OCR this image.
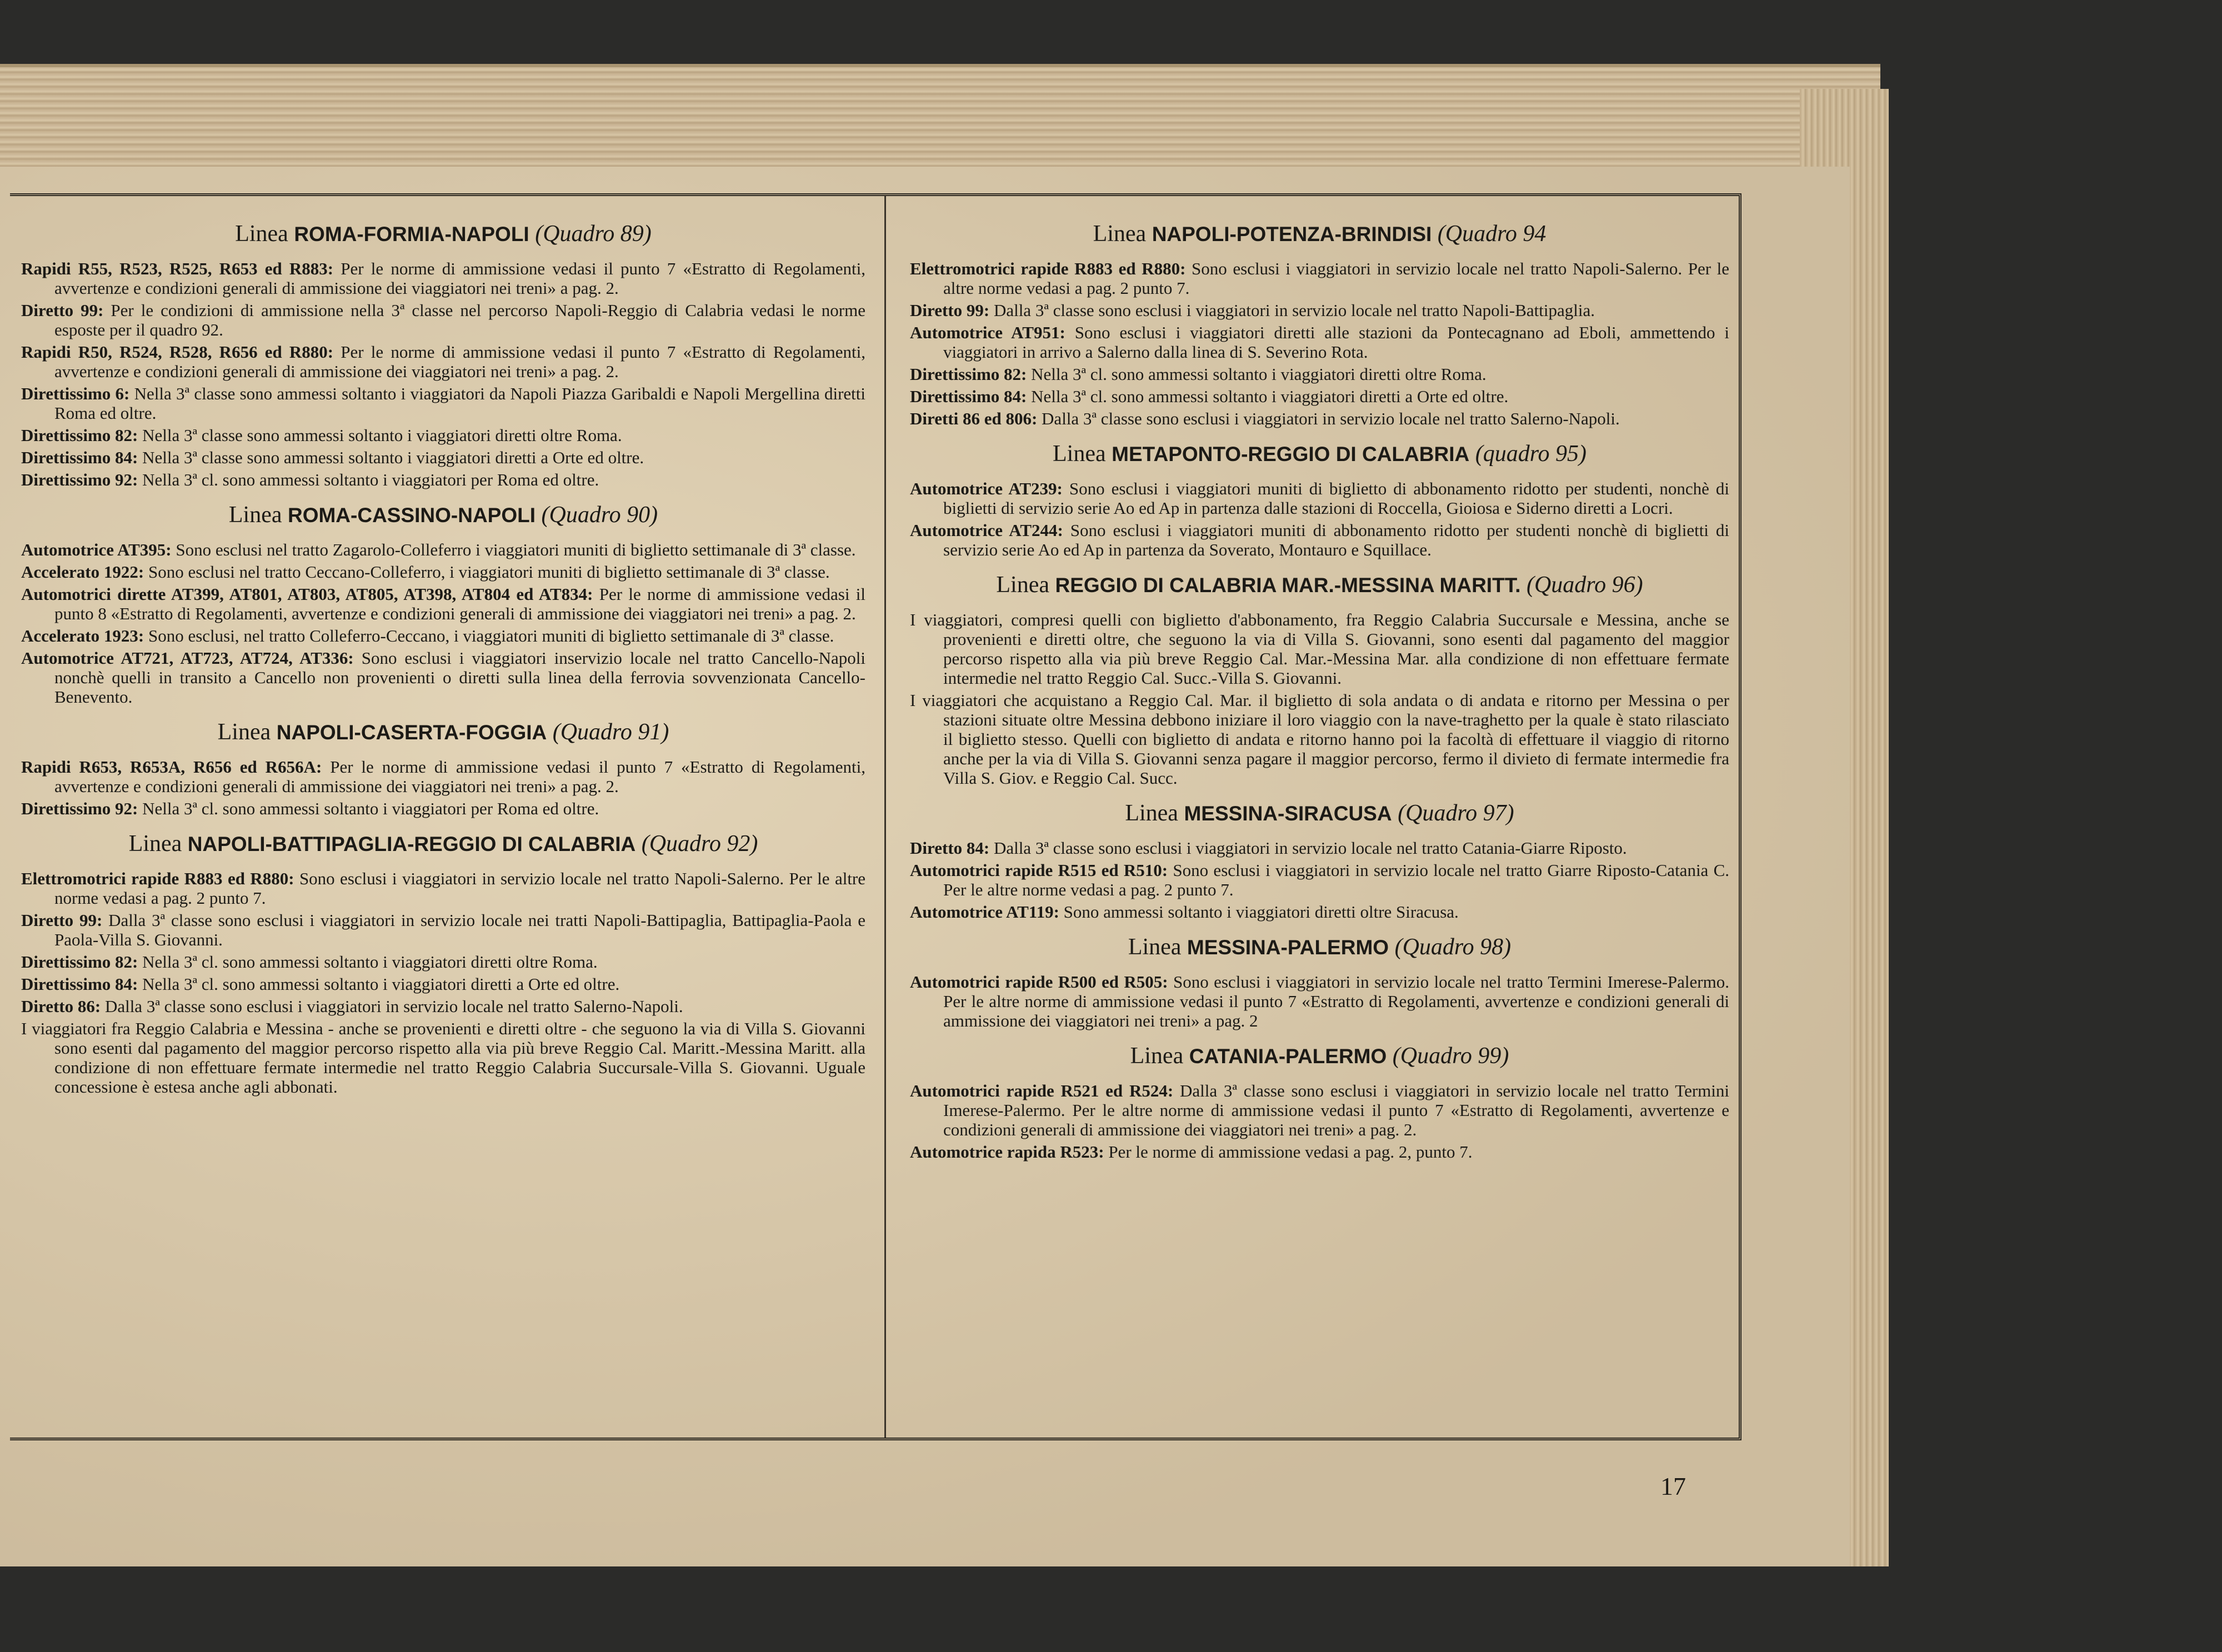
Linea ROMA-FORMIA-NAPOLI (Quadro 89)

Rapidi R55, R523, R525, R653 ed R883: Per le norme di ammissione vedasi il punto 7 «Estratto di Regolamenti, avvertenze e condizioni generali di ammissione dei viaggiatori nei treni» a pag. 2.

Diretto 99: Per le condizioni di ammissione nella 3ª classe nel percorso Napoli-Reggio di Calabria vedasi le norme esposte per il quadro 92.

Rapidi R50, R524, R528, R656 ed R880: Per le norme di ammissione vedasi il punto 7 «Estratto di Regolamenti, avvertenze e condizioni generali di ammissione dei viaggiatori nei treni» a pag. 2.

Direttissimo 6: Nella 3ª classe sono ammessi soltanto i viaggiatori da Napoli Piazza Garibaldi e Napoli Mergellina diretti Roma ed oltre.

Direttissimo 82: Nella 3ª classe sono ammessi soltanto i viaggiatori diretti oltre Roma.

Direttissimo 84: Nella 3ª classe sono ammessi soltanto i viaggiatori diretti a Orte ed oltre.

Direttissimo 92: Nella 3ª cl. sono ammessi soltanto i viaggiatori per Roma ed oltre.

Linea ROMA-CASSINO-NAPOLI (Quadro 90)

Automotrice AT395: Sono esclusi nel tratto Zagarolo-Colleferro i viaggiatori muniti di biglietto settimanale di 3ª classe.

Accelerato 1922: Sono esclusi nel tratto Ceccano-Colleferro, i viaggiatori muniti di biglietto settimanale di 3ª classe.

Automotrici dirette AT399, AT801, AT803, AT805, AT398, AT804 ed AT834: Per le norme di ammissione vedasi il punto 8 «Estratto di Regolamenti, avvertenze e condizioni generali di ammissione dei viaggiatori nei treni» a pag. 2.

Accelerato 1923: Sono esclusi, nel tratto Colleferro-Ceccano, i viaggiatori muniti di biglietto settimanale di 3ª classe.

Automotrice AT721, AT723, AT724, AT336: Sono esclusi i viaggiatori inservizio locale nel tratto Cancello-Napoli nonchè quelli in transito a Cancello non provenienti o diretti sulla linea della ferrovia sovvenzionata Cancello-Benevento.

Linea NAPOLI-CASERTA-FOGGIA (Quadro 91)

Rapidi R653, R653A, R656 ed R656A: Per le norme di ammissione vedasi il punto 7 «Estratto di Regolamenti, avvertenze e condizioni generali di ammissione dei viaggiatori nei treni» a pag. 2.

Direttissimo 92: Nella 3ª cl. sono ammessi soltanto i viaggiatori per Roma ed oltre.

Linea NAPOLI-BATTIPAGLIA-REGGIO DI CALABRIA (Quadro 92)

Elettromotrici rapide R883 ed R880: Sono esclusi i viaggiatori in servizio locale nel tratto Napoli-Salerno. Per le altre norme vedasi a pag. 2 punto 7.

Diretto 99: Dalla 3ª classe sono esclusi i viaggiatori in servizio locale nei tratti Napoli-Battipaglia, Battipaglia-Paola e Paola-Villa S. Giovanni.

Direttissimo 82: Nella 3ª cl. sono ammessi soltanto i viaggiatori diretti oltre Roma.

Direttissimo 84: Nella 3ª cl. sono ammessi soltanto i viaggiatori diretti a Orte ed oltre.

Diretto 86: Dalla 3ª classe sono esclusi i viaggiatori in servizio locale nel tratto Salerno-Napoli.

I viaggiatori fra Reggio Calabria e Messina - anche se provenienti e diretti oltre - che seguono la via di Villa S. Giovanni sono esenti dal pagamento del maggior percorso rispetto alla via più breve Reggio Cal. Maritt.-Messina Maritt. alla condizione di non effettuare fermate intermedie nel tratto Reggio Calabria Succursale-Villa S. Giovanni. Uguale concessione è estesa anche agli abbonati.

Linea NAPOLI-POTENZA-BRINDISI (Quadro 94

Elettromotrici rapide R883 ed R880: Sono esclusi i viaggiatori in servizio locale nel tratto Napoli-Salerno. Per le altre norme vedasi a pag. 2 punto 7.

Diretto 99: Dalla 3ª classe sono esclusi i viaggiatori in servizio locale nel tratto Napoli-Battipaglia.

Automotrice AT951: Sono esclusi i viaggiatori diretti alle stazioni da Pontecagnano ad Eboli, ammettendo i viaggiatori in arrivo a Salerno dalla linea di S. Severino Rota.

Direttissimo 82: Nella 3ª cl. sono ammessi soltanto i viaggiatori diretti oltre Roma.

Direttissimo 84: Nella 3ª cl. sono ammessi soltanto i viaggiatori diretti a Orte ed oltre.

Diretti 86 ed 806: Dalla 3ª classe sono esclusi i viaggiatori in servizio locale nel tratto Salerno-Napoli.

Linea METAPONTO-REGGIO DI CALABRIA (quadro 95)

Automotrice AT239: Sono esclusi i viaggiatori muniti di biglietto di abbonamento ridotto per studenti, nonchè di biglietti di servizio serie Ao ed Ap in partenza dalle stazioni di Roccella, Gioiosa e Siderno diretti a Locri.

Automotrice AT244: Sono esclusi i viaggiatori muniti di abbonamento ridotto per studenti nonchè di biglietti di servizio serie Ao ed Ap in partenza da Soverato, Montauro e Squillace.

Linea REGGIO DI CALABRIA MAR.-MESSINA MARITT. (Quadro 96)

I viaggiatori, compresi quelli con biglietto d'abbonamento, fra Reggio Calabria Succursale e Messina, anche se provenienti e diretti oltre, che seguono la via di Villa S. Giovanni, sono esenti dal pagamento del maggior percorso rispetto alla via più breve Reggio Cal. Mar.-Messina Mar. alla condizione di non effettuare fermate intermedie nel tratto Reggio Cal. Succ.-Villa S. Giovanni.

I viaggiatori che acquistano a Reggio Cal. Mar. il biglietto di sola andata o di andata e ritorno per Messina o per stazioni situate oltre Messina debbono iniziare il loro viaggio con la nave-traghetto per la quale è stato rilasciato il biglietto stesso. Quelli con biglietto di andata e ritorno hanno poi la facoltà di effettuare il viaggio di ritorno anche per la via di Villa S. Giovanni senza pagare il maggior percorso, fermo il divieto di fermate intermedie fra Villa S. Giov. e Reggio Cal. Succ.

Linea MESSINA-SIRACUSA (Quadro 97)

Diretto 84: Dalla 3ª classe sono esclusi i viaggiatori in servizio locale nel tratto Catania-Giarre Riposto.

Automotrici rapide R515 ed R510: Sono esclusi i viaggiatori in servizio locale nel tratto Giarre Riposto-Catania C. Per le altre norme vedasi a pag. 2 punto 7.

Automotrice AT119: Sono ammessi soltanto i viaggiatori diretti oltre Siracusa.

Linea MESSINA-PALERMO (Quadro 98)

Automotrici rapide R500 ed R505: Sono esclusi i viaggiatori in servizio locale nel tratto Termini Imerese-Palermo. Per le altre norme di ammissione vedasi il punto 7 «Estratto di Regolamenti, avvertenze e condizioni generali di ammissione dei viaggiatori nei treni» a pag. 2

Linea CATANIA-PALERMO (Quadro 99)

Automotrici rapide R521 ed R524: Dalla 3ª classe sono esclusi i viaggiatori in servizio locale nel tratto Termini Imerese-Palermo. Per le altre norme di ammissione vedasi il punto 7 «Estratto di Regolamenti, avvertenze e condizioni generali di ammissione dei viaggiatori nei treni» a pag. 2.

Automotrice rapida R523: Per le norme di ammissione vedasi a pag. 2, punto 7.

17
